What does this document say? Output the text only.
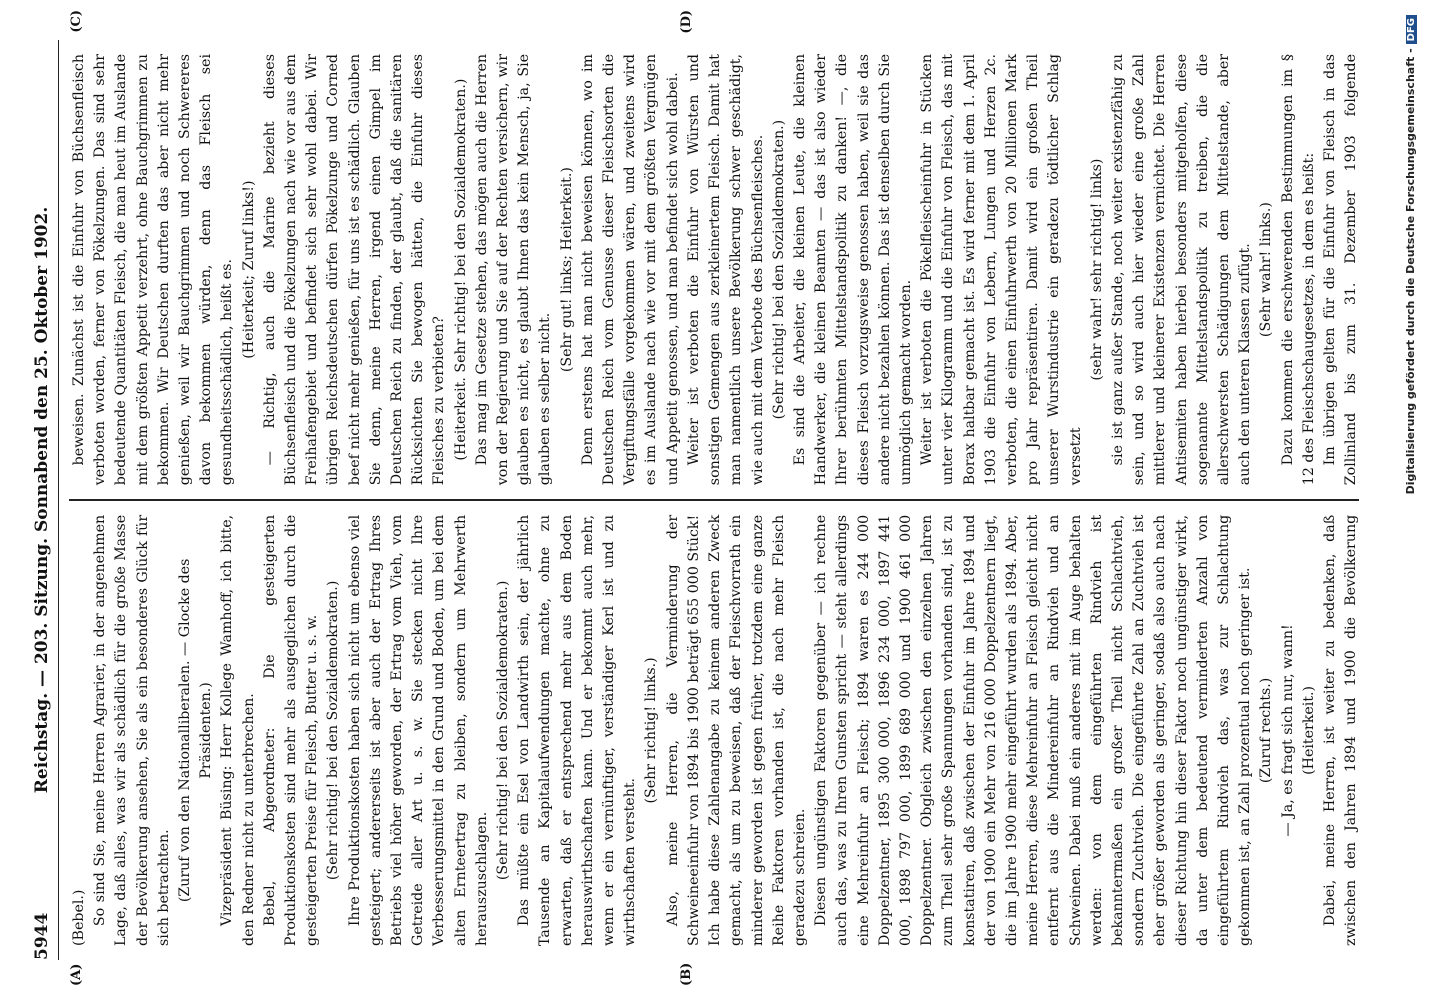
5944
Reichstag. — 203. Sitzung. Sonnabend den 25. Oktober 1902.
(A)	(B)
(C)	(D)

(Bebel.) So sind Sie, meine Herren Agrarier, in der angenehmen Lage, daß alles, was wir als schädlich für die große Masse der Bevölkerung ansehen, Sie als ein besonderes Glück für sich betrachten. (Zuruf von den Nationalliberalen. — Glocke des Präsidenten.) Vizepräsident Büsing: Herr Kollege Wamhoff, ich bitte, den Redner nicht zu unterbrechen. Bebel, Abgeordneter: Die gesteigerten Produktionskosten sind mehr als ausgeglichen durch die gesteigerten Preise für Fleisch, Butter u. s. w. (Sehr richtig! bei den Sozialdemokraten.) Ihre Produktionskosten haben sich nicht um ebenso viel gesteigert; andererseits ist aber auch der Ertrag Ihres Betriebs viel höher geworden, der Ertrag vom Vieh, vom Getreide aller Art u. s. w. Sie stecken nicht Ihre Verbesserungsmittel in den Grund und Boden, um bei dem alten Ernteertrag zu bleiben, sondern um Mehrwerth herauszuschlagen. (Sehr richtig! bei den Sozialdemokraten.) Das müßte ein Esel von Landwirth sein, der jährlich Tausende an Kapitalaufwendungen machte, ohne zu erwarten, daß er entsprechend mehr aus dem Boden herauswirthschaften kann. Und er bekommt auch mehr, wenn er ein vernünftiger, verständiger Kerl ist und zu wirthschaften versteht.

(Sehr richtig! links.) Also, meine Herren, die Verminderung der Schweineeinfuhr von 1894 bis 1900 beträgt 655 000 Stück! Ich habe diese Zahlenangabe zu keinem anderen Zweck gemacht, als um zu beweisen, daß der Fleischvorrath ein minderer geworden ist gegen früher, trotzdem eine ganze Reihe Faktoren vorhanden ist, die nach mehr Fleisch geradezu schreien. Diesen ungünstigen Faktoren gegenüber — ich rechne auch das, was zu Ihren Gunsten spricht — steht allerdings eine Mehreinfuhr an Fleisch; 1894 waren es 244 000 Doppelzentner, 1895 300 000, 1896 234 000, 1897 441 000, 1898 797 000, 1899 689 000 und 1900 461 000 Doppelzentner. Obgleich zwischen den einzelnen Jahren zum Theil sehr große Spannungen vorhanden sind, ist zu konstatiren, daß zwischen der Einfuhr im Jahre 1894 und der von 1900 ein Mehr von 216 000 Doppelzentnern liegt, die im Jahre 1900 mehr eingeführt wurden als 1894. Aber, meine Herren, diese Mehreinfuhr an Fleisch gleicht nicht entfernt aus die Mindereinfuhr an Rindvieh und an Schweinen. Dabei muß ein anderes mit im Auge behalten werden: von dem eingeführten Rindvieh ist bekanntermaßen ein großer Theil nicht Schlachtvieh, sondern Zuchtvieh. Die eingeführte Zahl an Zuchtvieh ist eher größer geworden als geringer, sodaß also auch nach dieser Richtung hin dieser Faktor noch ungünstiger wirkt, da unter dem bedeutend verminderten Anzahl von eingeführtem Rindvieh das, was zur Schlachtung gekommen ist, an Zahl prozentual noch geringer ist. (Zuruf rechts.) — Ja, es fragt sich nur, wann! (Heiterkeit.)

Dabei, meine Herren, ist weiter zu bedenken, daß zwischen den Jahren 1894 und 1900 die Bevölkerung

beweisen. Zunächst ist die Einfuhr von Büchsenfleisch verboten worden, ferner von Pökelzungen. Das sind sehr bedeutende Quantitäten Fleisch, die man heut im Auslande mit dem größten Appetit verzehrt, ohne Bauchgrimmen zu bekommen. Wir Deutschen durften das aber nicht mehr genießen, weil wir Bauchgrimmen und noch Schwereres davon bekommen würden, denn das Fleisch sei gesundheitsschädlich, heißt es. (Heiterkeit; Zuruf links!) — Richtig, auch die Marine bezieht dieses Büchsenfleisch und die Pökelzungen nach wie vor aus dem Freihafengebiet und befindet sich sehr wohl dabei. Wir übrigen Reichsdeutschen dürfen Pökelzunge und Corned beef nicht mehr genießen, für uns ist es schädlich. Glauben Sie denn, meine Herren, irgend einen Gimpel im Deutschen Reich zu finden, der glaubt, daß die sanitären Rücksichten Sie bewogen hätten, die Einfuhr dieses Fleisches zu verbieten? (Heiterkeit. Sehr richtig! bei den Sozialdemokraten.) Das mag im Gesetze stehen, das mögen auch die Herren von der Regierung und Sie auf der Rechten versichern, wir glauben es nicht, es glaubt Ihnen das kein Mensch, ja, Sie glauben es selber nicht.

(Sehr gut! links; Heiterkeit.) Denn erstens hat man nicht beweisen können, wo im Deutschen Reich vom Genusse dieser Fleischsorten die Vergiftungsfälle vorgekommen wären, und zweitens wird es im Auslande nach wie vor mit dem größten Vergnügen und Appetit genossen, und man befindet sich wohl dabei. Weiter ist verboten die Einfuhr von Würsten und sonstigen Gemengen aus zerkleinertem Fleisch. Damit hat man namentlich unsere Bevölkerung schwer geschädigt, wie auch mit dem Verbote des Büchsenfleisches. (Sehr richtig! bei den Sozialdemokraten.) Es sind die Arbeiter, die kleinen Leute, die kleinen Handwerker, die kleinen Beamten — das ist also wieder Ihrer berühmten Mittelstandspolitik zu danken! —, die dieses Fleisch vorzugsweise genossen haben, weil sie das andere nicht bezahlen können. Das ist denselben durch Sie unmöglich gemacht worden. Weiter ist verboten die Pökelfleischeinfuhr in Stücken unter vier Kilogramm und die Einfuhr von Fleisch, das mit Borax haltbar gemacht ist. Es wird ferner mit dem 1. April 1903 die Einfuhr von Lebern, Lungen und Herzen 2c. verboten, die einen Einfuhrwerth von 20 Millionen Mark pro Jahr repräsentiren. Damit wird ein großen Theil unserer Wurstindustrie ein geradezu tödtlicher Schlag versetzt

(sehr wahr! sehr richtig! links) sie ist ganz außer Stande, noch weiter existenzfähig zu sein, und so wird auch hier wieder eine große Zahl mittlerer und kleinerer Existenzen vernichtet. Die Herren Antisemiten haben hierbei besonders mitgeholfen, diese sogenannte Mittelstandspolitik zu treiben, die die allerschwersten Schädigungen dem Mittelstande, aber auch den unteren Klassen zufügt. (Sehr wahr! links.) Dazu kommen die erschwerenden Bestimmungen im § 12 des Fleischschaugesetzes, in dem es heißt: Im übrigen gelten für die Einfuhr von Fleisch in das Zollinland bis zum 31. Dezember 1903 folgende	Digitalisierung gefördert durch die Deutsche Forschungsgemeinschaft -DFG
